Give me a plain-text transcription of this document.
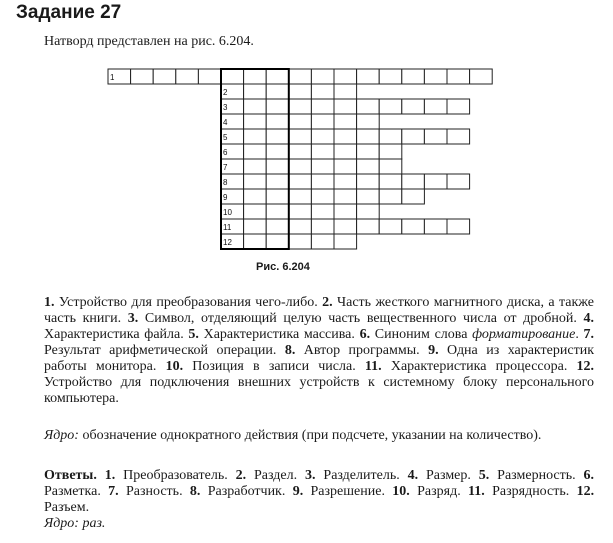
Задание 27
Натворд представлен на рис. 6.204.
1
2
3
4
5
6
7
8
9
10
11
12
Рис. 6.204
1. Устройство для преобразования чего-либо. 2. Часть жесткого магнитного диска, а также часть книги. 3. Символ, отделяющий целую часть вещественного числа от дробной. 4. Характеристика файла. 5. Характеристика массива. 6. Синоним слова форматирование. 7. Результат арифметической операции. 8. Автор программы. 9. Одна из характеристик работы монитора. 10. Позиция в записи числа. 11. Характеристика процессора. 12. Устройство для подключения внешних устройств к системному блоку персонального компьютера.
Ядро: обозначение однократного действия (при подсчете, указании на количество).
Ответы. 1. Преобразователь. 2. Раздел. 3. Разделитель. 4. Размер. 5. Размерность. 6. Разметка. 7. Разность. 8. Разработчик. 9. Разрешение. 10. Разряд. 11. Разрядность. 12. Разъем.
Ядро: раз.
